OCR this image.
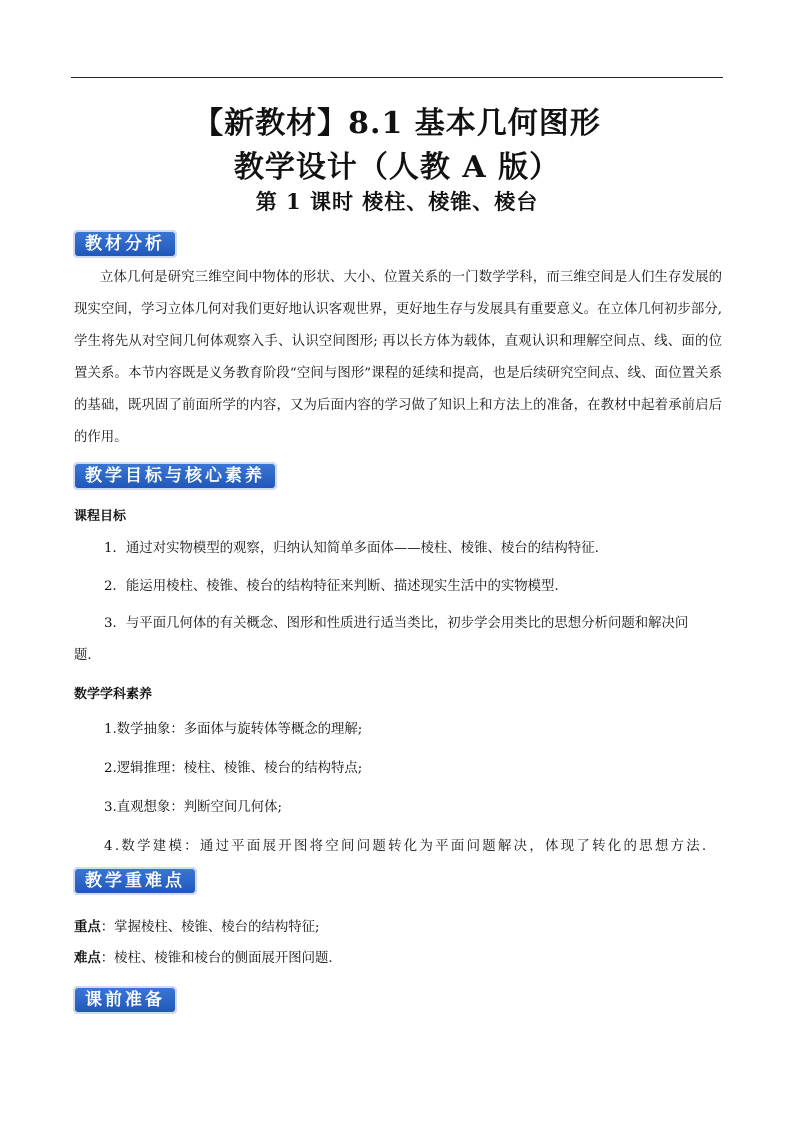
【新教材】8.1 基本几何图形
教学设计（人教 A 版）
第 1 课时 棱柱、棱锥、棱台
教材分析
立体几何是研究三维空间中物体的形状、大小、位置关系的一门数学学科，而三维空间是人们生存发展的现实空间，学习立体几何对我们更好地认识客观世界，更好地生存与发展具有重要意义。在立体几何初步部分,学生将先从对空间几何体观察入手、认识空间图形; 再以长方体为载体，直观认识和理解空间点、线、面的位置关系。本节内容既是义务教育阶段“空间与图形”课程的延续和提高，也是后续研究空间点、线、面位置关系的基础，既巩固了前面所学的内容，又为后面内容的学习做了知识上和方法上的准备，在教材中起着承前启后的作用。
教学目标与核心素养
课程目标
1．通过对实物模型的观察，归纳认知简单多面体——棱柱、棱锥、棱台的结构特征.
2．能运用棱柱、棱锥、棱台的结构特征来判断、描述现实生活中的实物模型.
3．与平面几何体的有关概念、图形和性质进行适当类比，初步学会用类比的思想分析问题和解决问
题.
数学学科素养
1.数学抽象：多面体与旋转体等概念的理解;
2.逻辑推理：棱柱、棱锥、棱台的结构特点;
3.直观想象：判断空间几何体;
4.数学建模：通过平面展开图将空间问题转化为平面问题解决，体现了转化的思想方法.
教学重难点
重点：掌握棱柱、棱锥、棱台的结构特征;
难点：棱柱、棱锥和棱台的侧面展开图问题.
课前准备
